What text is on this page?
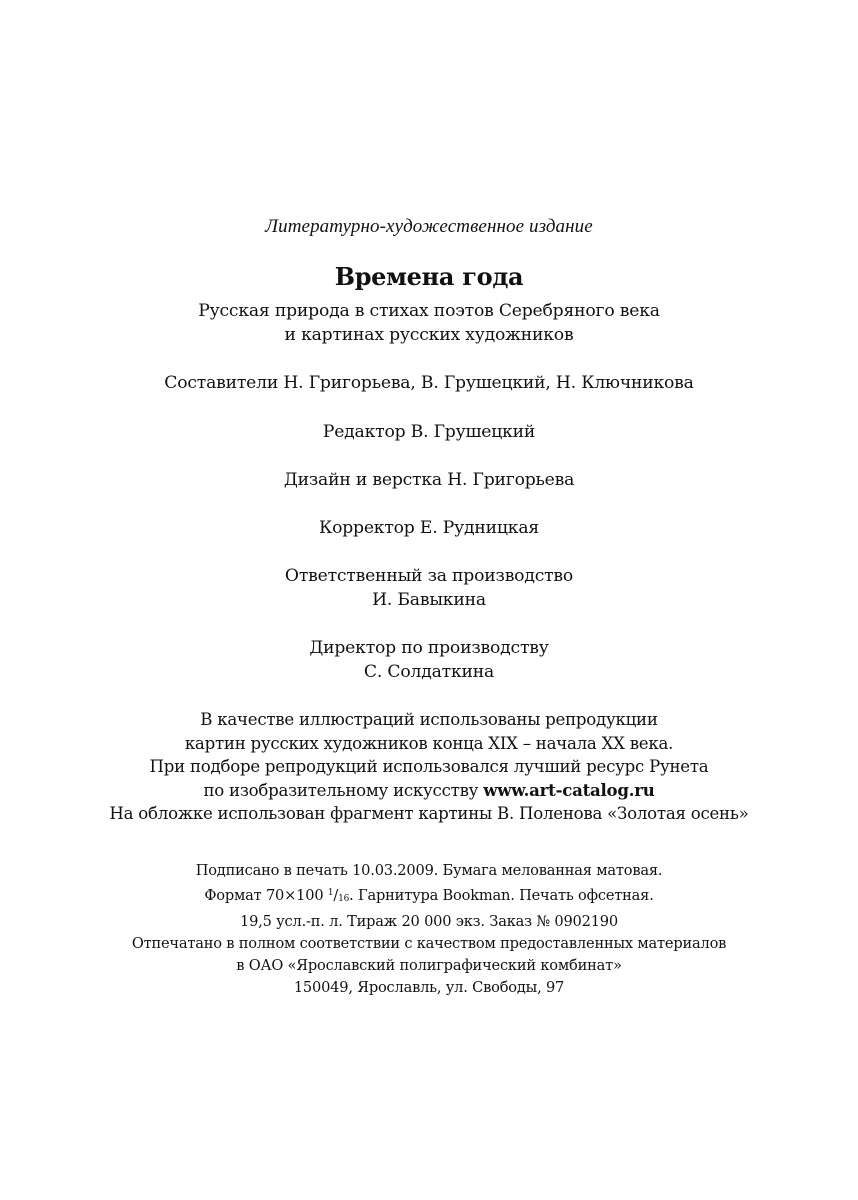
Литературно-художественное издание
Времена года
Русская природа в стихах поэтов Серебряного века
и картинах русских художников
Составители Н. Григорьева, В. Грушецкий, Н. Ключникова
Редактор В. Грушецкий
Дизайн и верстка Н. Григорьева
Корректор Е. Рудницкая
Ответственный за производство
И. Бавыкина
Директор по производству
С. Солдаткина
В качестве иллюстраций использованы репродукции
картин русских художников конца XIX – начала XX века.
При подборе репродукций использовался лучший ресурс Рунета
по изобразительному искусству www.art-catalog.ru
На обложке использован фрагмент картины В. Поленова «Золотая осень»
Подписано в печать 10.03.2009. Бумага мелованная матовая.
Формат 70×100 $^1$/16. Гарнитура Bookman. Печать офсетная.
19,5 усл.-п. л. Тираж 20 000 экз. Заказ № 0902190
Отпечатано в полном соответствии с качеством предоставленных материалов
в ОАО «Ярославский полиграфический комбинат»
150049, Ярославль, ул. Свободы, 97
